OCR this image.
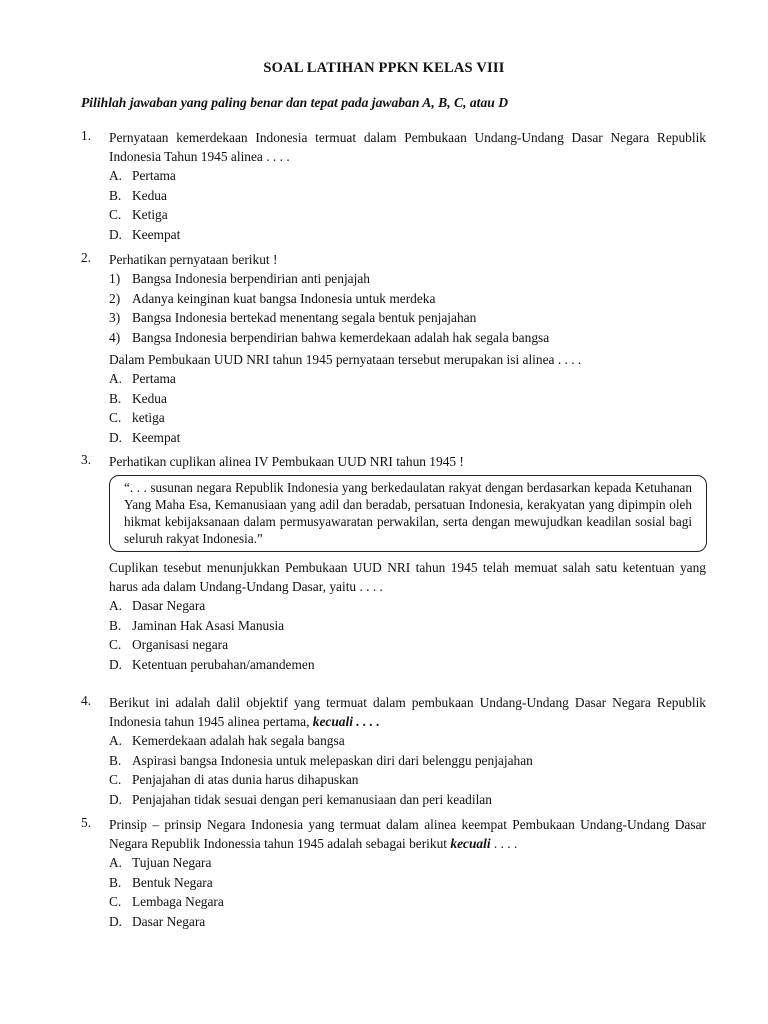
SOAL LATIHAN PPKN KELAS VIII

Pilihlah jawaban yang paling benar dan tepat pada jawaban A, B, C, atau D

1. Pernyataan kemerdekaan Indonesia termuat dalam Pembukaan Undang-Undang Dasar Negara Republik Indonesia Tahun 1945 alinea . . . .
A. Pertama
B. Kedua
C. Ketiga
D. Keempat
2. Perhatikan pernyataan berikut !
1) Bangsa Indonesia berpendirian anti penjajah
2) Adanya keinginan kuat bangsa Indonesia untuk merdeka
3) Bangsa Indonesia bertekad menentang segala bentuk penjajahan
4) Bangsa Indonesia berpendirian bahwa kemerdekaan adalah hak segala bangsa
Dalam Pembukaan UUD NRI tahun 1945 pernyataan tersebut merupakan isi alinea . . . .
A. Pertama
B. Kedua
C. ketiga
D. Keempat
3. Perhatikan cuplikan alinea IV Pembukaan UUD NRI tahun 1945 !
“. . . susunan negara Republik Indonesia yang berkedaulatan rakyat dengan berdasarkan kepada Ketuhanan Yang Maha Esa, Kemanusiaan yang adil dan beradab, persatuan Indonesia, kerakyatan yang dipimpin oleh hikmat kebijaksanaan dalam permusyawaratan perwakilan, serta dengan mewujudkan keadilan sosial bagi seluruh rakyat Indonesia.”
Cuplikan tesebut menunjukkan Pembukaan UUD NRI tahun 1945 telah memuat salah satu ketentuan yang harus ada dalam Undang-Undang Dasar, yaitu . . . .
A. Dasar Negara
B. Jaminan Hak Asasi Manusia
C. Organisasi negara
D. Ketentuan perubahan/amandemen
4. Berikut ini adalah dalil objektif yang termuat dalam pembukaan Undang-Undang Dasar Negara Republik Indonesia tahun 1945 alinea pertama, kecuali . . . .
A. Kemerdekaan adalah hak segala bangsa
B. Aspirasi bangsa Indonesia untuk melepaskan diri dari belenggu penjajahan
C. Penjajahan di atas dunia harus dihapuskan
D. Penjajahan tidak sesuai dengan peri kemanusiaan dan peri keadilan
5. Prinsip – prinsip Negara Indonesia yang termuat dalam alinea keempat Pembukaan Undang-Undang Dasar Negara Republik Indonessia tahun 1945 adalah sebagai berikut kecuali . . . .
A. Tujuan Negara
B. Bentuk Negara
C. Lembaga Negara
D. Dasar Negara
